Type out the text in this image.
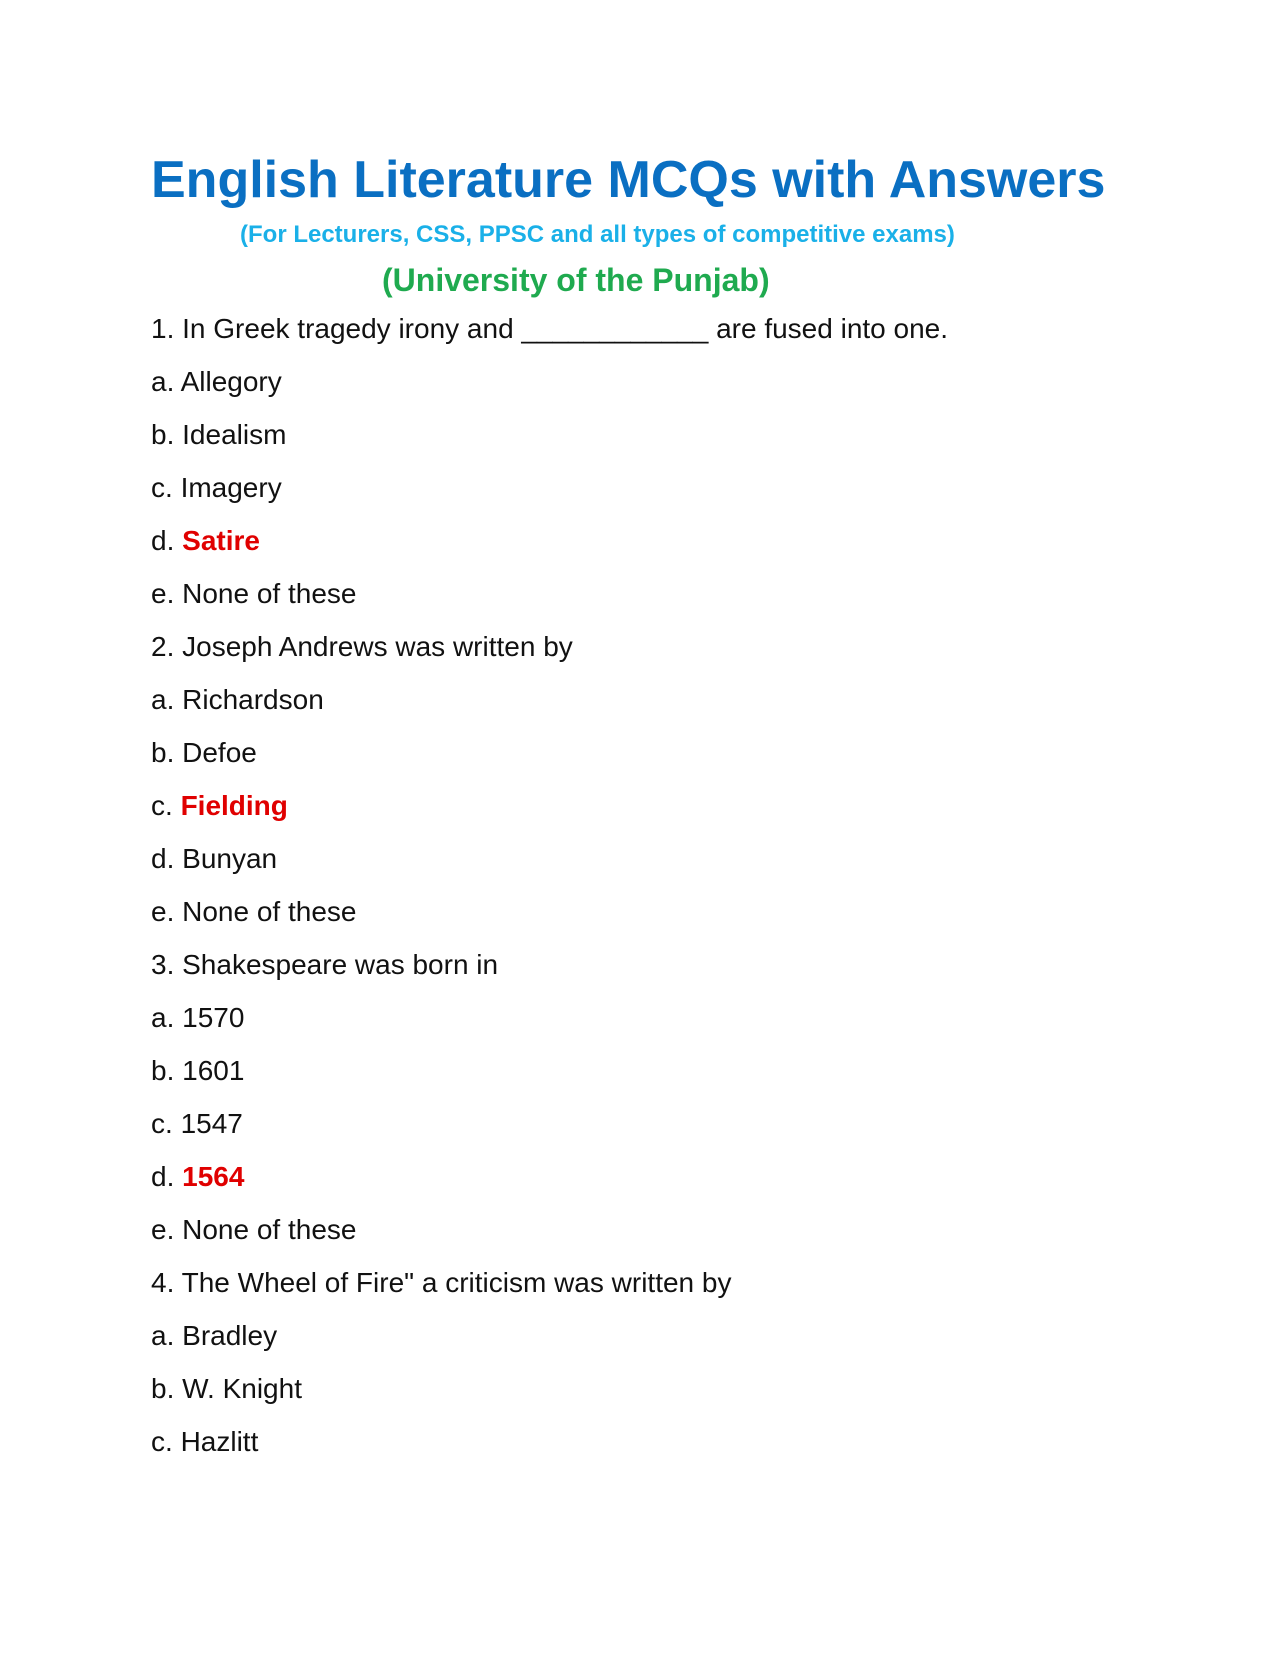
English Literature MCQs with Answers

(For Lecturers, CSS, PPSC and all types of competitive exams)

(University of the Punjab)

1. In Greek tragedy irony and ____________ are fused into one.
a. Allegory
b. Idealism
c. Imagery
d. Satire
e. None of these
2. Joseph Andrews was written by
a. Richardson
b. Defoe
c. Fielding
d. Bunyan
e. None of these
3. Shakespeare was born in
a. 1570
b. 1601
c. 1547
d. 1564
e. None of these
4. The Wheel of Fire" a criticism was written by
a. Bradley
b. W. Knight
c. Hazlitt
